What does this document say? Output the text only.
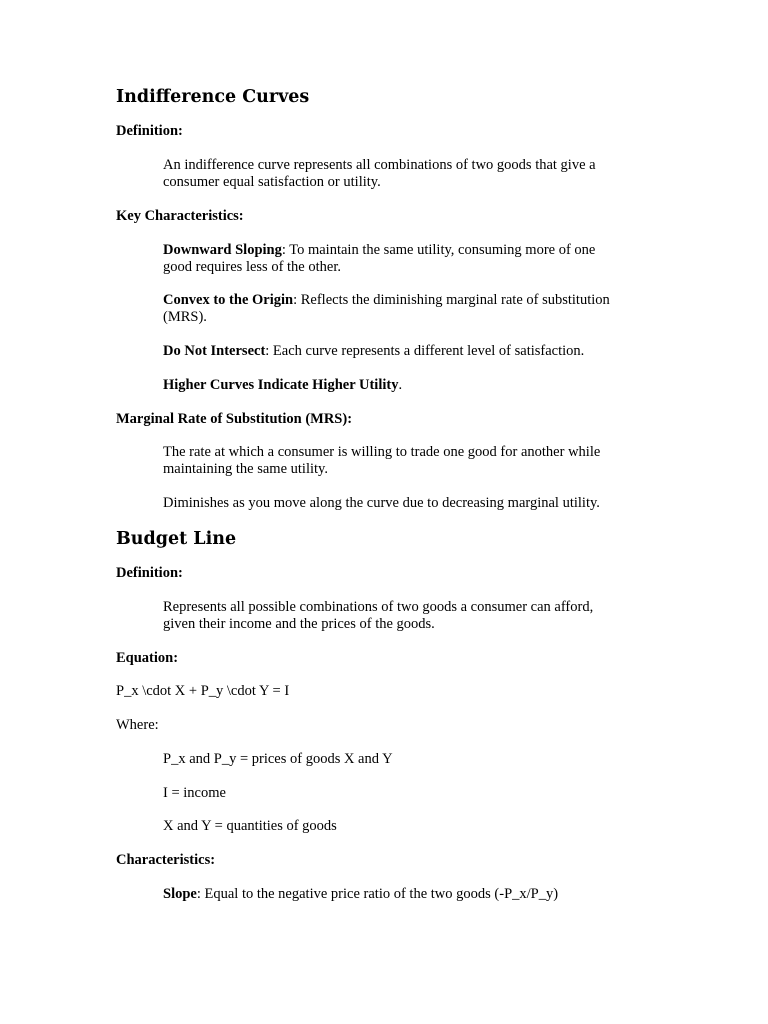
Indifference Curves

Definition:

An indifference curve represents all combinations of two goods that give a
consumer equal satisfaction or utility.

Key Characteristics:

Downward Sloping: To maintain the same utility, consuming more of one
good requires less of the other.

Convex to the Origin: Reflects the diminishing marginal rate of substitution
(MRS).

Do Not Intersect: Each curve represents a different level of satisfaction.

Higher Curves Indicate Higher Utility.

Marginal Rate of Substitution (MRS):

The rate at which a consumer is willing to trade one good for another while
maintaining the same utility.

Diminishes as you move along the curve due to decreasing marginal utility.

Budget Line

Definition:

Represents all possible combinations of two goods a consumer can afford,
given their income and the prices of the goods.

Equation:

P_x \cdot X + P_y \cdot Y = I

Where:

P_x and P_y = prices of goods X and Y

I = income

X and Y = quantities of goods

Characteristics:

Slope: Equal to the negative price ratio of the two goods (-P_x/P_y)
